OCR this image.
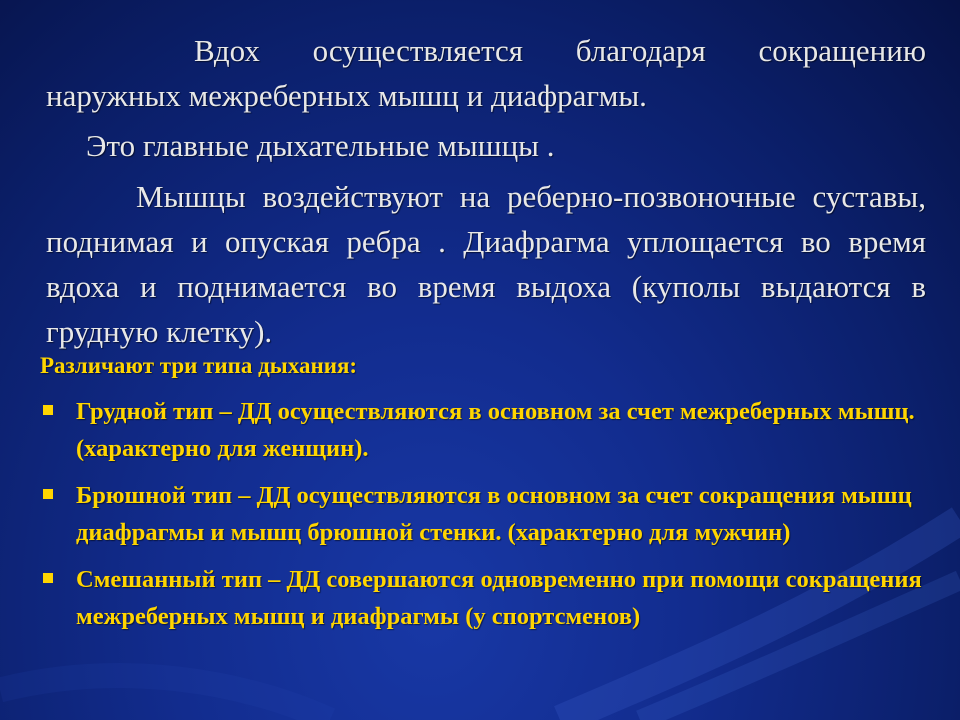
Вдох осуществляется благодаря сокращению наружных межреберных мышц и диафрагмы.

Это главные дыхательные мышцы .

Мышцы воздействуют на реберно-позвоночные суставы, поднимая и опуская ребра . Диафрагма уплощается во время вдоха и поднимается во время выдоха (куполы выдаются в грудную клетку).

Различают три типа дыхания:

Грудной тип – ДД осуществляются в основном за счет межреберных мышц. (характерно для женщин).
Брюшной тип – ДД осуществляются в основном за счет сокращения мышц диафрагмы и мышц брюшной стенки. (характерно для мужчин)
Смешанный тип – ДД совершаются одновременно при помощи сокращения межреберных мышц и диафрагмы (у спортсменов)
